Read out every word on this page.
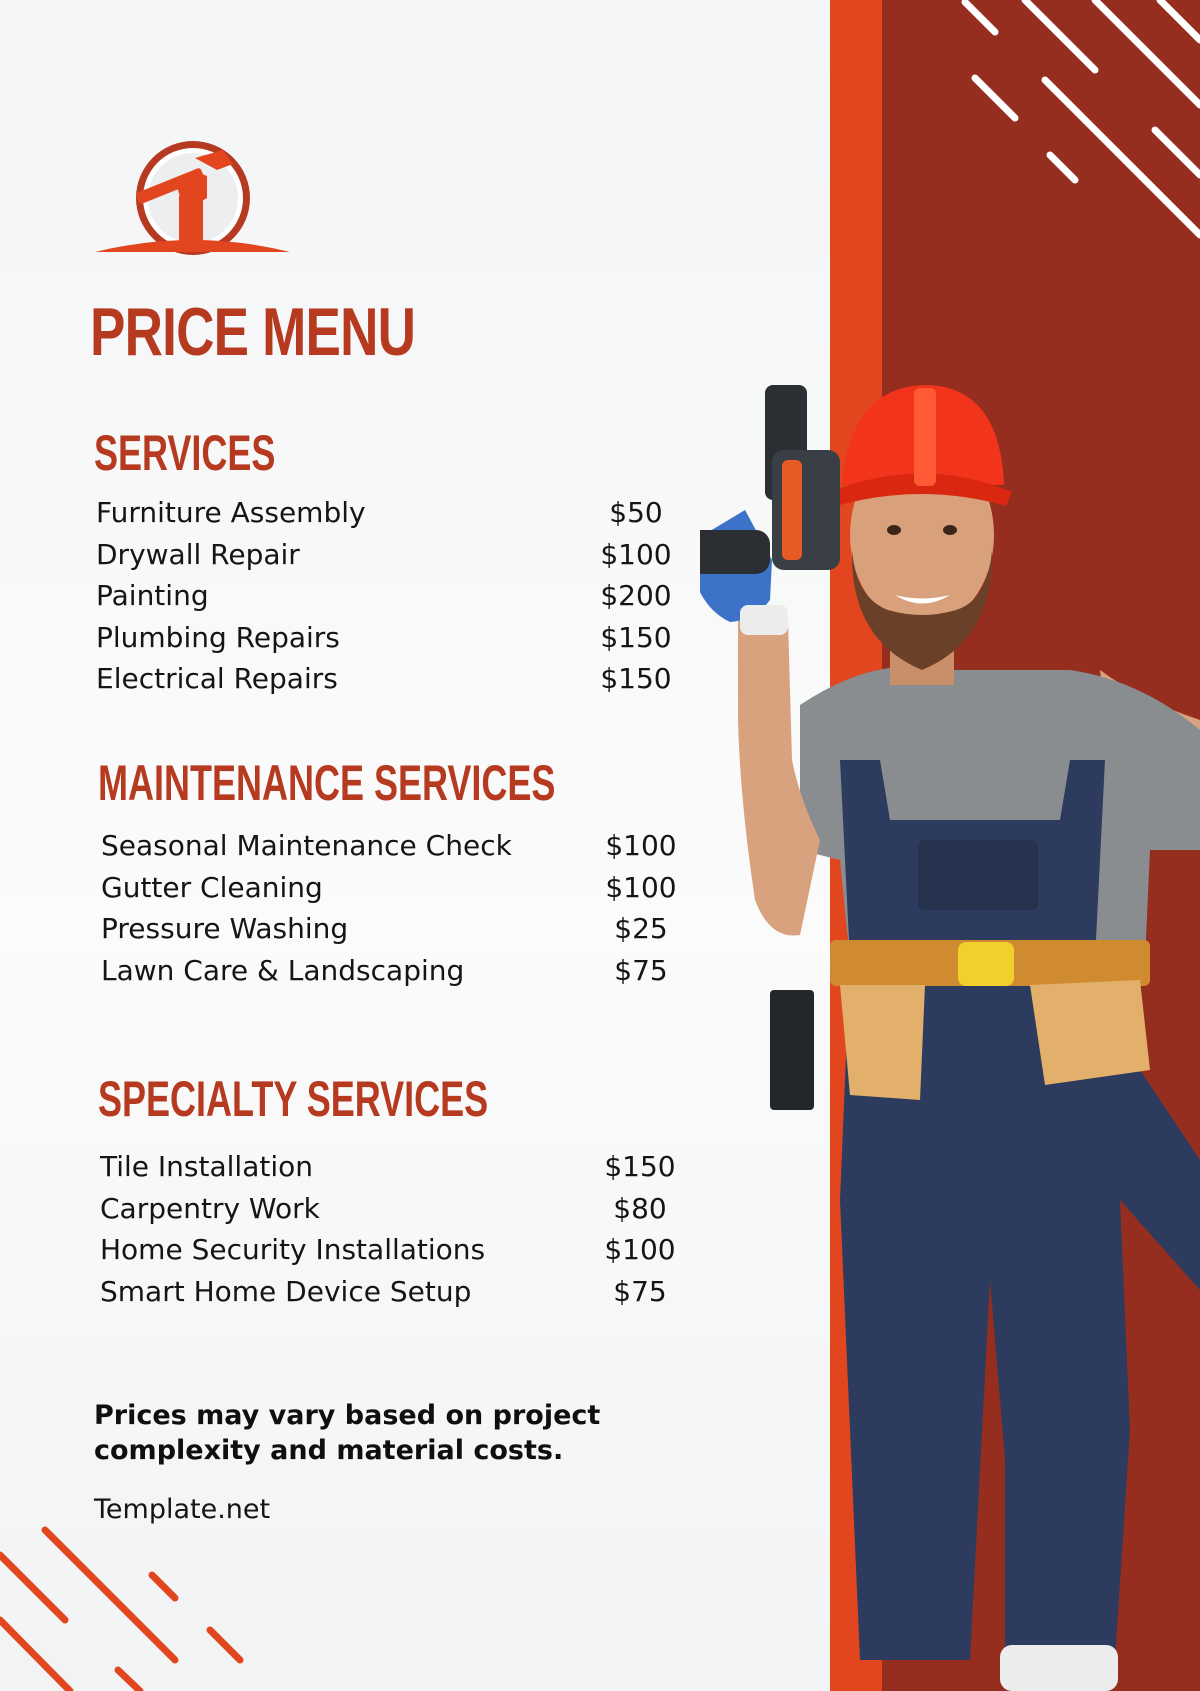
PRICE MENU
SERVICES
Furniture Assembly	$50
Drywall Repair	$100
Painting	$200
Plumbing Repairs	$150
Electrical Repairs	$150
MAINTENANCE SERVICES
Seasonal Maintenance Check	$100
Gutter Cleaning	$100
Pressure Washing	$25
Lawn Care & Landscaping	$75
SPECIALTY SERVICES
Tile Installation	$150
Carpentry Work	$80
Home Security Installations	$100
Smart Home Device Setup	$75

Prices may vary based on project complexity and material costs.

Template.net
